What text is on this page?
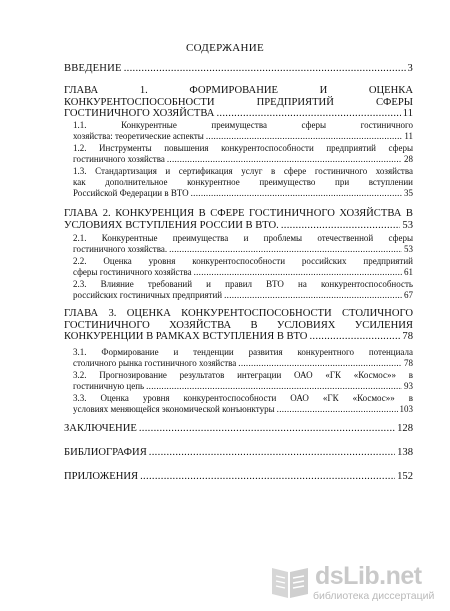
СОДЕРЖАНИЕ
ВВЕДЕНИЕ .....	3
ГЛАВА 1. ФОРМИРОВАНИЕ И ОЦЕНКА
КОНКУРЕНТОСПОСОБНОСТИ ПРЕДПРИЯТИЙ СФЕРЫ
ГОСТИНИЧНОГО ХОЗЯЙСТВА .....	11
1.1. Конкурентные преимущества сферы гостиничного
хозяйства: теоретические аспекты .....	11
1.2. Инструменты повышения конкурентоспособности предприятий сферы
гостиничного хозяйства .....	28
1.3. Стандартизация и сертификация услуг в сфере гостиничного хозяйства
как дополнительное конкурентное преимущество при вступлении
Российской Федерации в ВТО .....	35
ГЛАВА 2. КОНКУРЕНЦИЯ В СФЕРЕ ГОСТИНИЧНОГО ХОЗЯЙСТВА В
УСЛОВИЯХ ВСТУПЛЕНИЯ РОССИИ В ВТО. .....	53
2.1. Конкурентные преимущества и проблемы отечественной сферы
гостиничного хозяйства. .....	53
2.2. Оценка уровня конкурентоспособности российских предприятий
сферы гостиничного хозяйства .....	61
2.3. Влияние требований и правил ВТО на конкурентоспособность
российских гостиничных предприятий .....	67
ГЛАВА 3. ОЦЕНКА КОНКУРЕНТОСПОСОБНОСТИ СТОЛИЧНОГО
ГОСТИНИЧНОГО ХОЗЯЙСТВА В УСЛОВИЯХ УСИЛЕНИЯ
КОНКУРЕНЦИИ В РАМКАХ ВСТУПЛЕНИЯ В ВТО .....	78
3.1. Формирование и тенденции развития конкурентного потенциала
столичного рынка гостиничного хозяйства .....	78
3.2. Прогнозирование результатов интеграции ОАО «ГК «Космос»» в
гостиничную цепь .....	93
3.3. Оценка уровня конкурентоспособности ОАО «ГК «Космос»» в
условиях меняющейся экономической конъюнктуры .....	103
ЗАКЛЮЧЕНИЕ .....	128
БИБЛИОГРАФИЯ .....	138
ПРИЛОЖЕНИЯ .....	152
dsLib.net
библиотека диссертаций
